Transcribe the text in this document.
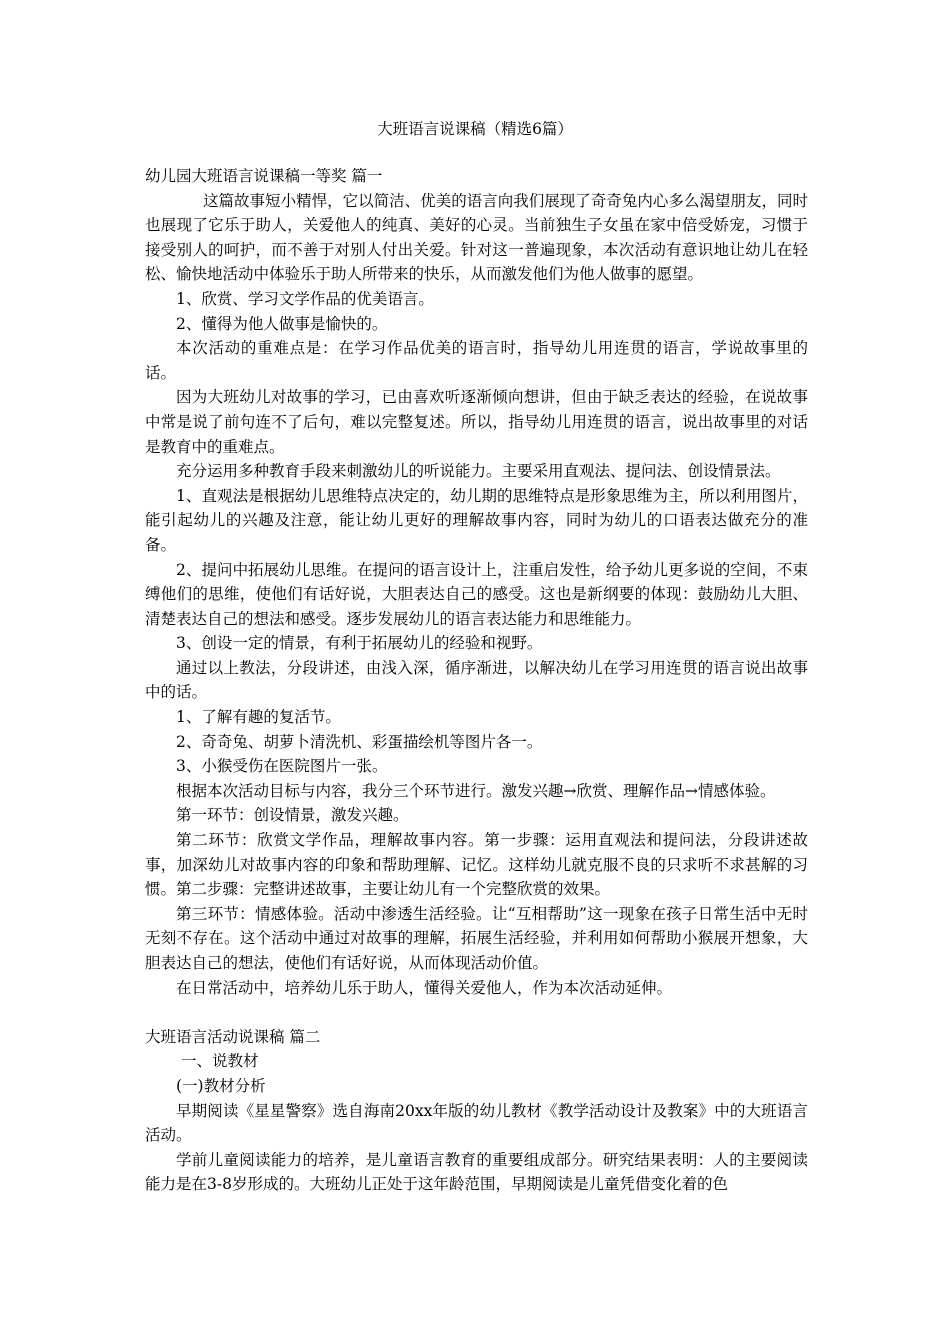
大班语言说课稿（精选6篇）

幼儿园大班语言说课稿一等奖 篇一

这篇故事短小精悍，它以简洁、优美的语言向我们展现了奇奇兔内心多么渴望朋友，同时也展现了它乐于助人，关爱他人的纯真、美好的心灵。当前独生子女虽在家中倍受娇宠，习惯于接受别人的呵护，而不善于对别人付出关爱。针对这一普遍现象，本次活动有意识地让幼儿在轻松、愉快地活动中体验乐于助人所带来的快乐，从而激发他们为他人做事的愿望。

1、欣赏、学习文学作品的优美语言。

2、懂得为他人做事是愉快的。

本次活动的重难点是：在学习作品优美的语言时，指导幼儿用连贯的语言，学说故事里的话。

因为大班幼儿对故事的学习，已由喜欢听逐渐倾向想讲，但由于缺乏表达的经验，在说故事中常是说了前句连不了后句，难以完整复述。所以，指导幼儿用连贯的语言，说出故事里的对话是教育中的重难点。

充分运用多种教育手段来刺激幼儿的听说能力。主要采用直观法、提问法、创设情景法。

1、直观法是根据幼儿思维特点决定的，幼儿期的思维特点是形象思维为主，所以利用图片，能引起幼儿的兴趣及注意，能让幼儿更好的理解故事内容，同时为幼儿的口语表达做充分的准备。

2、提问中拓展幼儿思维。在提问的语言设计上，注重启发性，给予幼儿更多说的空间，不束缚他们的思维，使他们有话好说，大胆表达自己的感受。这也是新纲要的体现：鼓励幼儿大胆、清楚表达自己的想法和感受。逐步发展幼儿的语言表达能力和思维能力。

3、创设一定的情景，有利于拓展幼儿的经验和视野。

通过以上教法，分段讲述，由浅入深，循序渐进，以解决幼儿在学习用连贯的语言说出故事中的话。

1、了解有趣的复活节。

2、奇奇兔、胡萝卜清洗机、彩蛋描绘机等图片各一。

3、小猴受伤在医院图片一张。

根据本次活动目标与内容，我分三个环节进行。激发兴趣→欣赏、理解作品→情感体验。

第一环节：创设情景，激发兴趣。

第二环节：欣赏文学作品，理解故事内容。第一步骤：运用直观法和提问法，分段讲述故事，加深幼儿对故事内容的印象和帮助理解、记忆。这样幼儿就克服不良的只求听不求甚解的习惯。第二步骤：完整讲述故事，主要让幼儿有一个完整欣赏的效果。

第三环节：情感体验。活动中渗透生活经验。让“互相帮助”这一现象在孩子日常生活中无时无刻不存在。这个活动中通过对故事的理解，拓展生活经验，并利用如何帮助小猴展开想象，大胆表达自己的想法，使他们有话好说，从而体现活动价值。

在日常活动中，培养幼儿乐于助人，懂得关爱他人，作为本次活动延伸。

大班语言活动说课稿 篇二

一、说教材

(一)教材分析

早期阅读《星星警察》选自海南20xx年版的幼儿教材《教学活动设计及教案》中的大班语言活动。

学前儿童阅读能力的培养，是儿童语言教育的重要组成部分。研究结果表明：人的主要阅读能力是在3-8岁形成的。大班幼儿正处于这年龄范围，早期阅读是儿童凭借变化着的色
